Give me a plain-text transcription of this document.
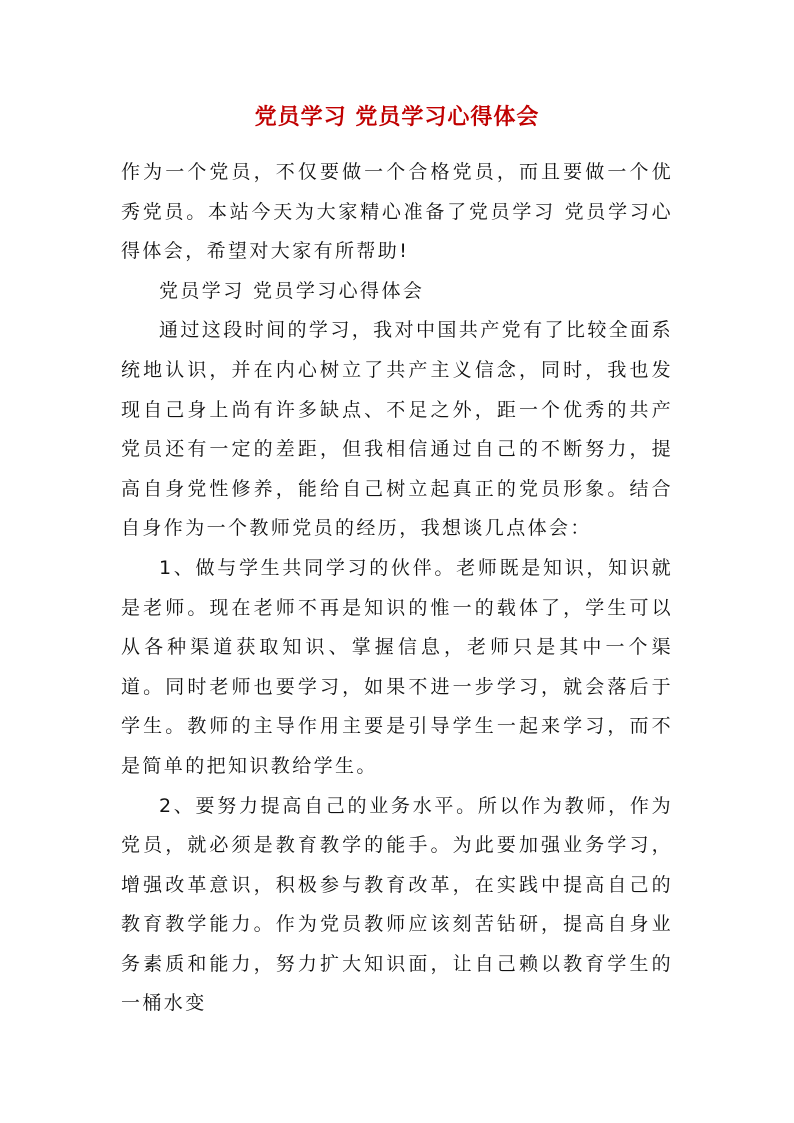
党员学习 党员学习心得体会

作为一个党员，不仅要做一个合格党员，而且要做一个优秀党员。本站今天为大家精心准备了党员学习 党员学习心得体会，希望对大家有所帮助!

党员学习 党员学习心得体会

通过这段时间的学习，我对中国共产党有了比较全面系统地认识，并在内心树立了共产主义信念，同时，我也发现自己身上尚有许多缺点、不足之外，距一个优秀的共产党员还有一定的差距，但我相信通过自己的不断努力，提高自身党性修养，能给自己树立起真正的党员形象。结合自身作为一个教师党员的经历，我想谈几点体会：

1、做与学生共同学习的伙伴。老师既是知识，知识就是老师。现在老师不再是知识的惟一的载体了，学生可以从各种渠道获取知识、掌握信息，老师只是其中一个渠道。同时老师也要学习，如果不进一步学习，就会落后于学生。教师的主导作用主要是引导学生一起来学习，而不是简单的把知识教给学生。

2、要努力提高自己的业务水平。所以作为教师，作为党员，就必须是教育教学的能手。为此要加强业务学习，增强改革意识，积极参与教育改革，在实践中提高自己的教育教学能力。作为党员教师应该刻苦钻研，提高自身业务素质和能力，努力扩大知识面，让自己赖以教育学生的一桶水变
